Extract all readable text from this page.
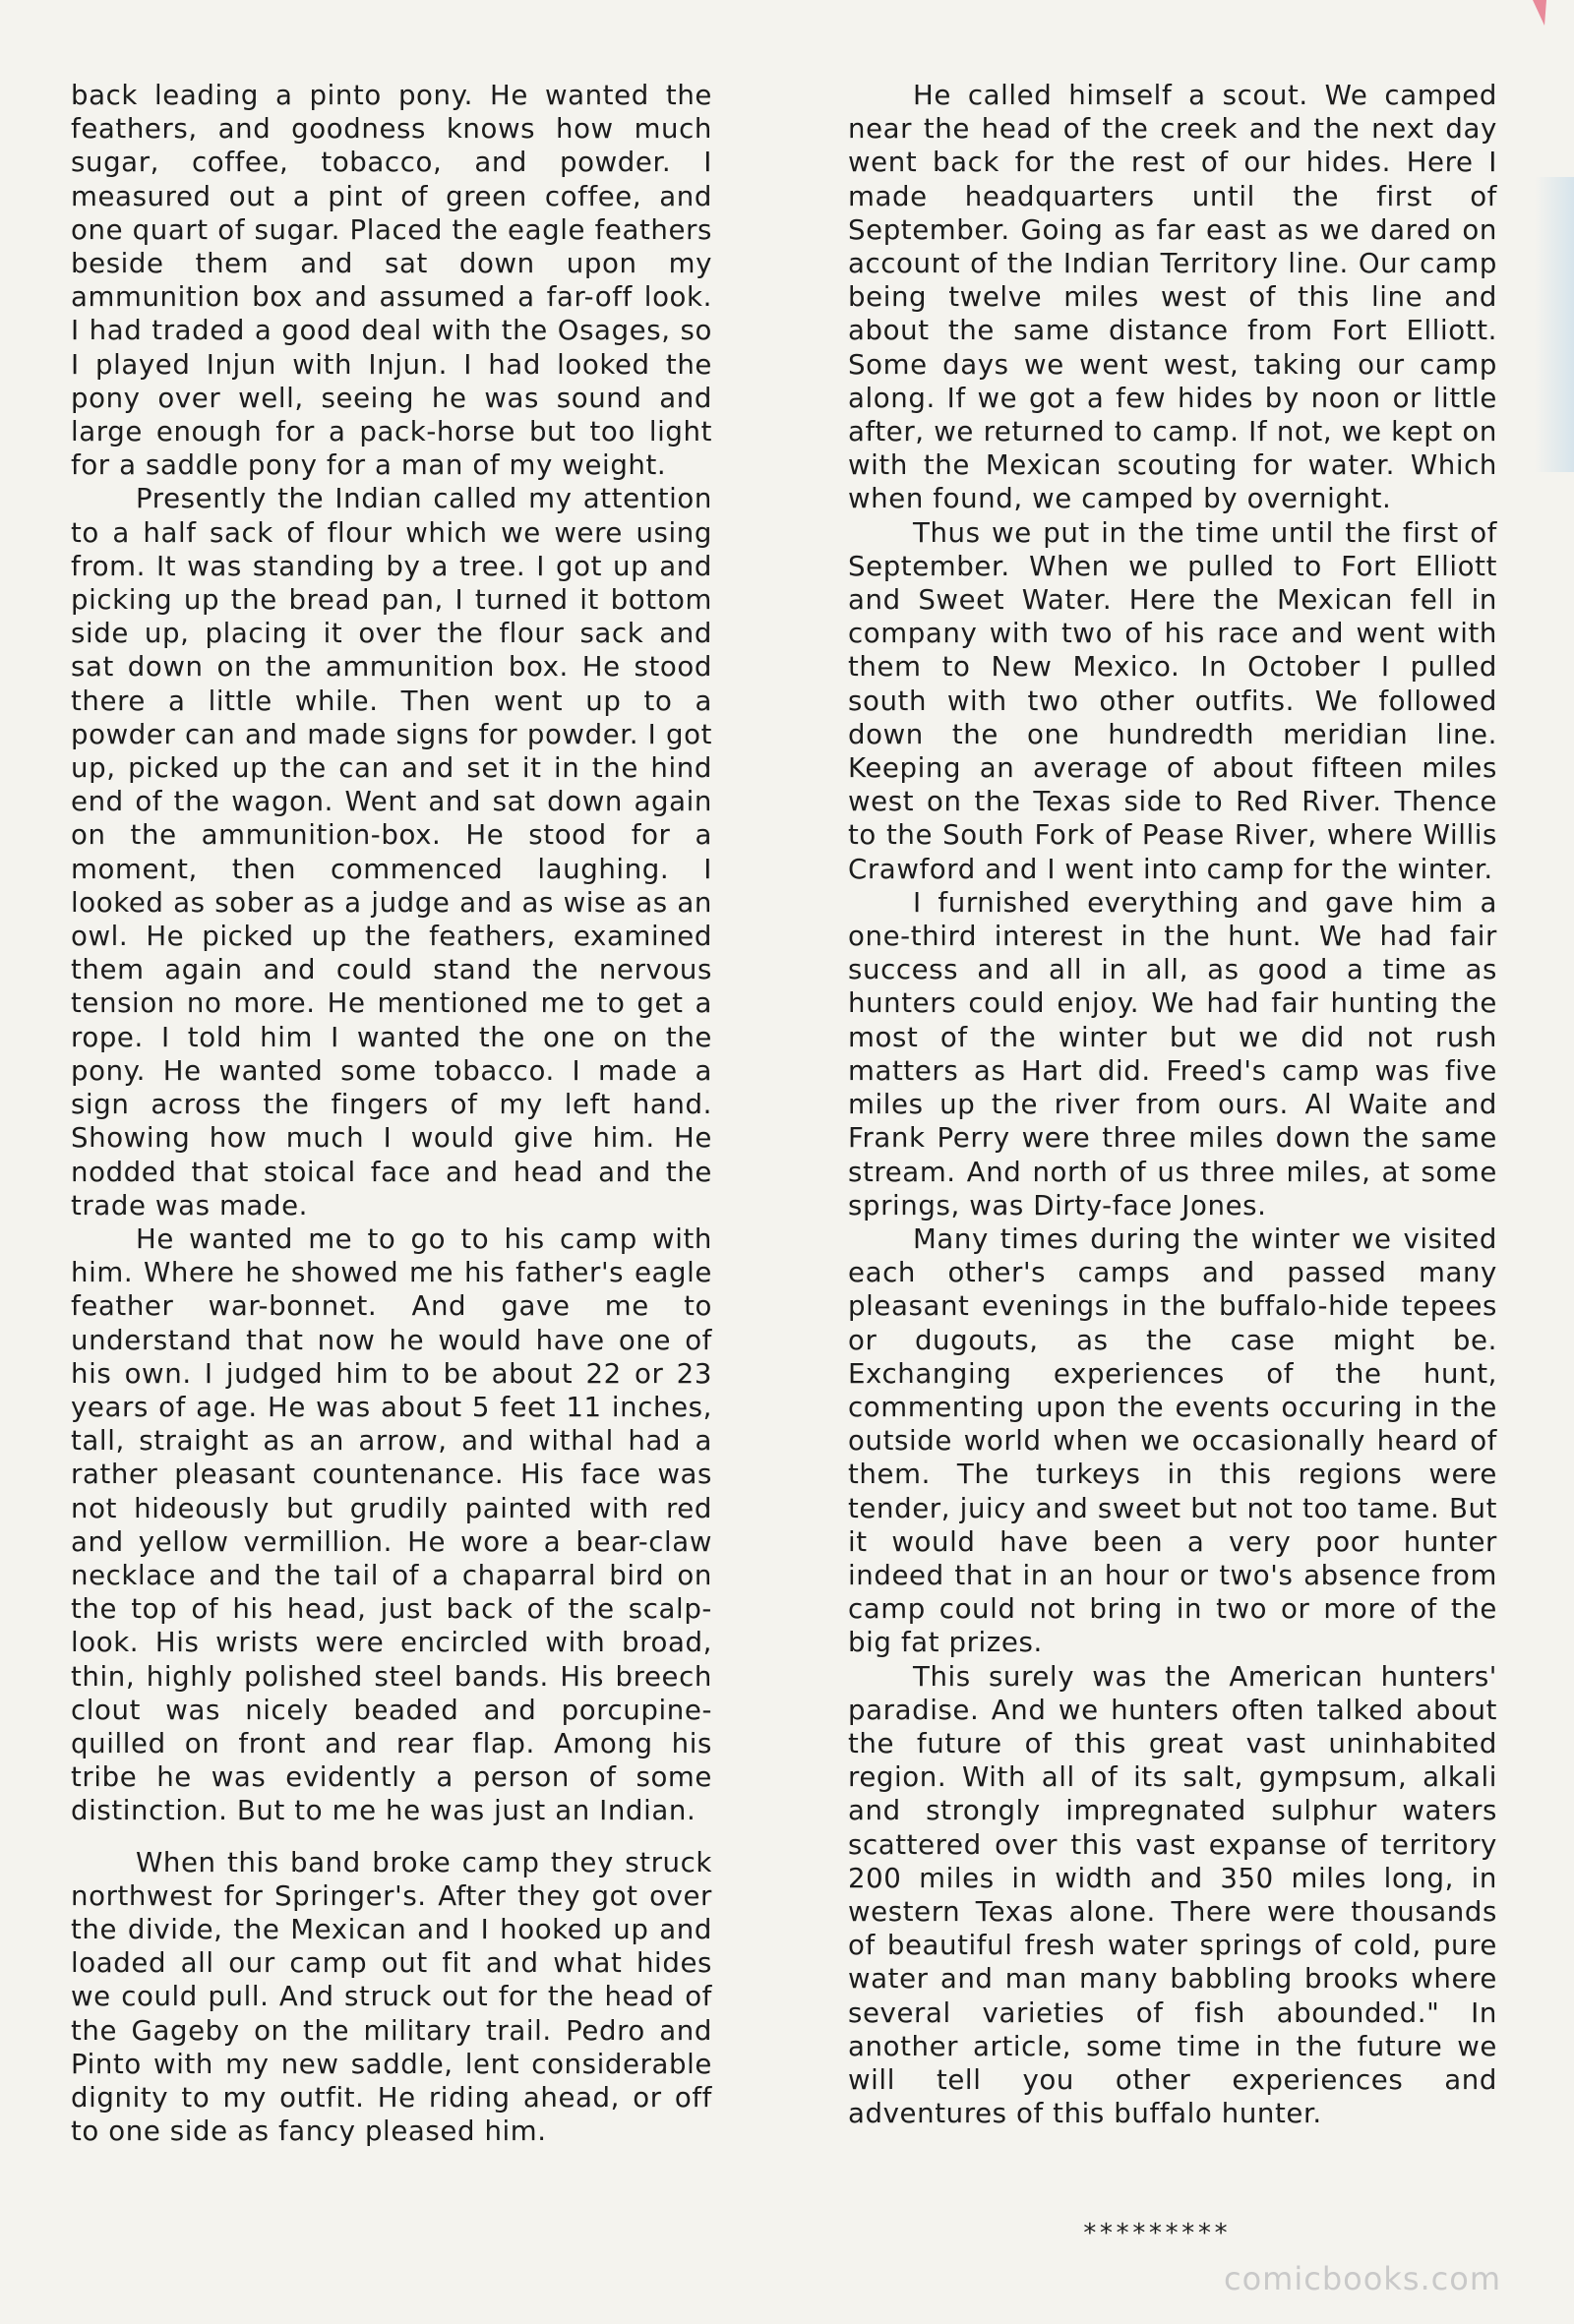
back leading a pinto pony. He wanted the feathers, and goodness knows how much sugar, coffee, tobacco, and powder. I measured out a pint of green coffee, and one quart of sugar. Placed the eagle feathers beside them and sat down upon my ammunition box and assumed a far-off look. I had traded a good deal with the Osages, so I played Injun with Injun. I had looked the pony over well, seeing he was sound and large enough for a pack-horse but too light for a saddle pony for a man of my weight.

Presently the Indian called my attention to a half sack of flour which we were using from. It was standing by a tree. I got up and picking up the bread pan, I turned it bottom side up, placing it over the flour sack and sat down on the ammunition box. He stood there a little while. Then went up to a powder can and made signs for powder. I got up, picked up the can and set it in the hind end of the wagon. Went and sat down again on the ammunition-box. He stood for a moment, then commenced laughing. I looked as sober as a judge and as wise as an owl. He picked up the feathers, examined them again and could stand the nervous tension no more. He mentioned me to get a rope. I told him I wanted the one on the pony. He wanted some tobacco. I made a sign across the fingers of my left hand. Showing how much I would give him. He nodded that stoical face and head and the trade was made.

He wanted me to go to his camp with him. Where he showed me his father's eagle feather war-bonnet. And gave me to understand that now he would have one of his own. I judged him to be about 22 or 23 years of age. He was about 5 feet 11 inches, tall, straight as an arrow, and withal had a rather pleasant countenance. His face was not hideously but grudily painted with red and yellow vermillion. He wore a bear-claw necklace and the tail of a chaparral bird on the top of his head, just back of the scalp-look. His wrists were encircled with broad, thin, highly polished steel bands. His breech clout was nicely beaded and porcupine-quilled on front and rear flap. Among his tribe he was evidently a person of some distinction. But to me he was just an Indian.

When this band broke camp they struck northwest for Springer's. After they got over the divide, the Mexican and I hooked up and loaded all our camp out fit and what hides we could pull. And struck out for the head of the Gageby on the military trail. Pedro and Pinto with my new saddle, lent considerable dignity to my outfit. He riding ahead, or off to one side as fancy pleased him.

He called himself a scout. We camped near the head of the creek and the next day went back for the rest of our hides. Here I made headquarters until the first of September. Going as far east as we dared on account of the Indian Territory line. Our camp being twelve miles west of this line and about the same distance from Fort Elliott. Some days we went west, taking our camp along. If we got a few hides by noon or little after, we returned to camp. If not, we kept on with the Mexican scouting for water. Which when found, we camped by overnight.

Thus we put in the time until the first of September. When we pulled to Fort Elliott and Sweet Water. Here the Mexican fell in company with two of his race and went with them to New Mexico. In October I pulled south with two other outfits. We followed down the one hundredth meridian line. Keeping an average of about fifteen miles west on the Texas side to Red River. Thence to the South Fork of Pease River, where Willis Crawford and I went into camp for the winter.

I furnished everything and gave him a one-third interest in the hunt. We had fair success and all in all, as good a time as hunters could enjoy. We had fair hunting the most of the winter but we did not rush matters as Hart did. Freed's camp was five miles up the river from ours. Al Waite and Frank Perry were three miles down the same stream. And north of us three miles, at some springs, was Dirty-face Jones.

Many times during the winter we visited each other's camps and passed many pleasant evenings in the buffalo-hide tepees or dugouts, as the case might be. Exchanging experiences of the hunt, commenting upon the events occuring in the outside world when we occasionally heard of them. The turkeys in this regions were tender, juicy and sweet but not too tame. But it would have been a very poor hunter indeed that in an hour or two's absence from camp could not bring in two or more of the big fat prizes.

This surely was the American hunters' paradise. And we hunters often talked about the future of this great vast uninhabited region. With all of its salt, gympsum, alkali and strongly impregnated sulphur waters scattered over this vast expanse of territory 200 miles in width and 350 miles long, in western Texas alone. There were thousands of beautiful fresh water springs of cold, pure water and man many babbling brooks where several varieties of fish abounded." In another article, some time in the future we will tell you other experiences and adventures of this buffalo hunter.

*********
comicbooks.com
